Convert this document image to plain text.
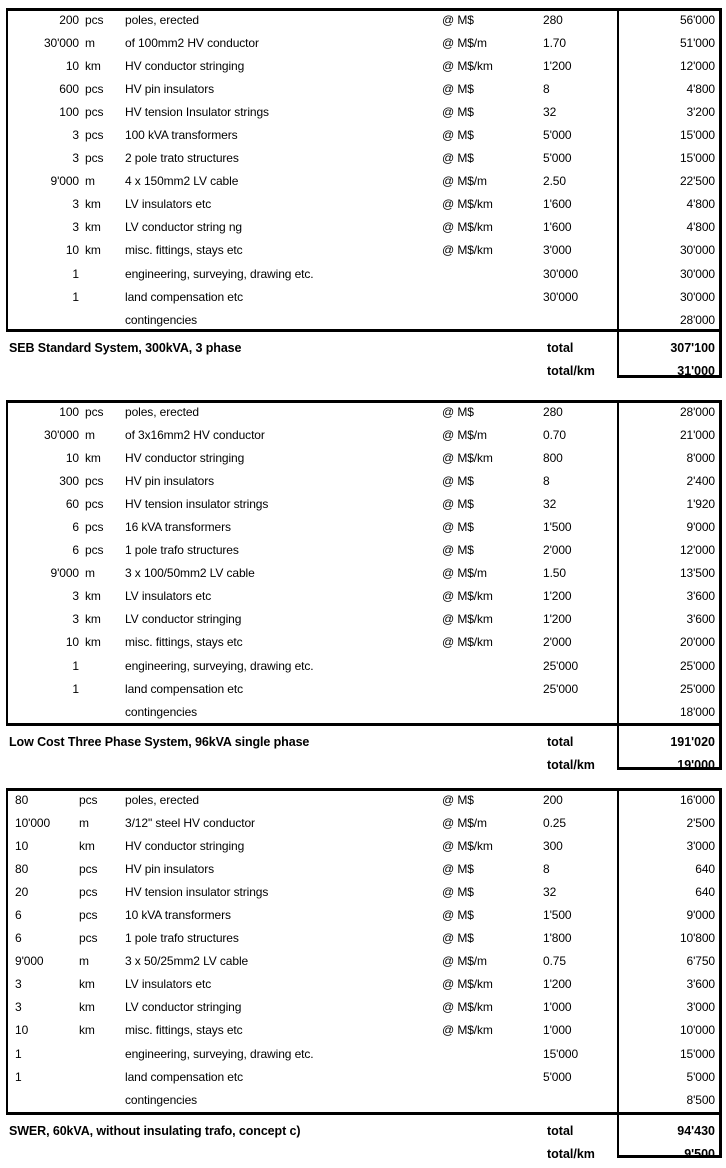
200 pcs	poles, erected	@ M$	280	56'000
30'000 m	of 100mm2 HV conductor	@ M$/m	1.70	51'000
10 km	HV conductor stringing	@ M$/km	1'200	12'000
600 pcs	HV pin insulators	@ M$	8	4'800
100 pcs	HV tension Insulator strings	@ M$	32	3'200
3 pcs	100 kVA transformers	@ M$	5'000	15'000
3 pcs	2 pole trato structures	@ M$	5'000	15'000
9'000 m	4 x 150mm2 LV cable	@ M$/m	2.50	22'500
3 km	LV insulators etc	@ M$/km	1'600	4'800
3 km	LV conductor string ng	@ M$/km	1'600	4'800
10 km	misc. fittings, stays etc	@ M$/km	3'000	30'000
1	engineering, surveying, drawing etc.	30'000	30'000
1	land compensation etc	30'000	30'000
contingencies	28'000
SEB Standard System, 300kVA, 3 phase	total	307'100
total/km	31'000
100 pcs	poles, erected	@ M$	280	28'000
30'000 m	of 3x16mm2 HV conductor	@ M$/m	0.70	21'000
10 km	HV conductor stringing	@ M$/km	800	8'000
300 pcs	HV pin insulators	@ M$	8	2'400
60 pcs	HV tension insulator strings	@ M$	32	1'920
6 pcs	16 kVA transformers	@ M$	1'500	9'000
6 pcs	1 pole trafo structures	@ M$	2'000	12'000
9'000 m	3 x 100/50mm2 LV cable	@ M$/m	1.50	13'500
3 km	LV insulators etc	@ M$/km	1'200	3'600
3 km	LV conductor stringing	@ M$/km	1'200	3'600
10 km	misc. fittings, stays etc	@ M$/km	2'000	20'000
1	engineering, surveying, drawing etc.	25'000	25'000
1	land compensation etc	25'000	25'000
contingencies	18'000
Low Cost Three Phase System, 96kVA single phase	total	191'020
total/km	19'000
80	pcs	poles, erected	@ M$	200	16'000
10'000	m	3/12" steel HV conductor	@ M$/m	0.25	2'500
10	km	HV conductor stringing	@ M$/km	300	3'000
80	pcs	HV pin insulators	@ M$	8	640
20	pcs	HV tension insulator strings	@ M$	32	640
6	pcs	10 kVA transformers	@ M$	1'500	9'000
6	pcs	1 pole trafo structures	@ M$	1'800	10'800
9'000	m	3 x 50/25mm2 LV cable	@ M$/m	0.75	6'750
3	km	LV insulators etc	@ M$/km	1'200	3'600
3	km	LV conductor stringing	@ M$/km	1'000	3'000
10	km	misc. fittings, stays etc	@ M$/km	1'000	10'000
1	engineering, surveying, drawing etc.	15'000	15'000
1	land compensation etc	5'000	5'000
contingencies	8'500
SWER, 60kVA, without insulating trafo, concept c)	total	94'430
total/km	9'500
